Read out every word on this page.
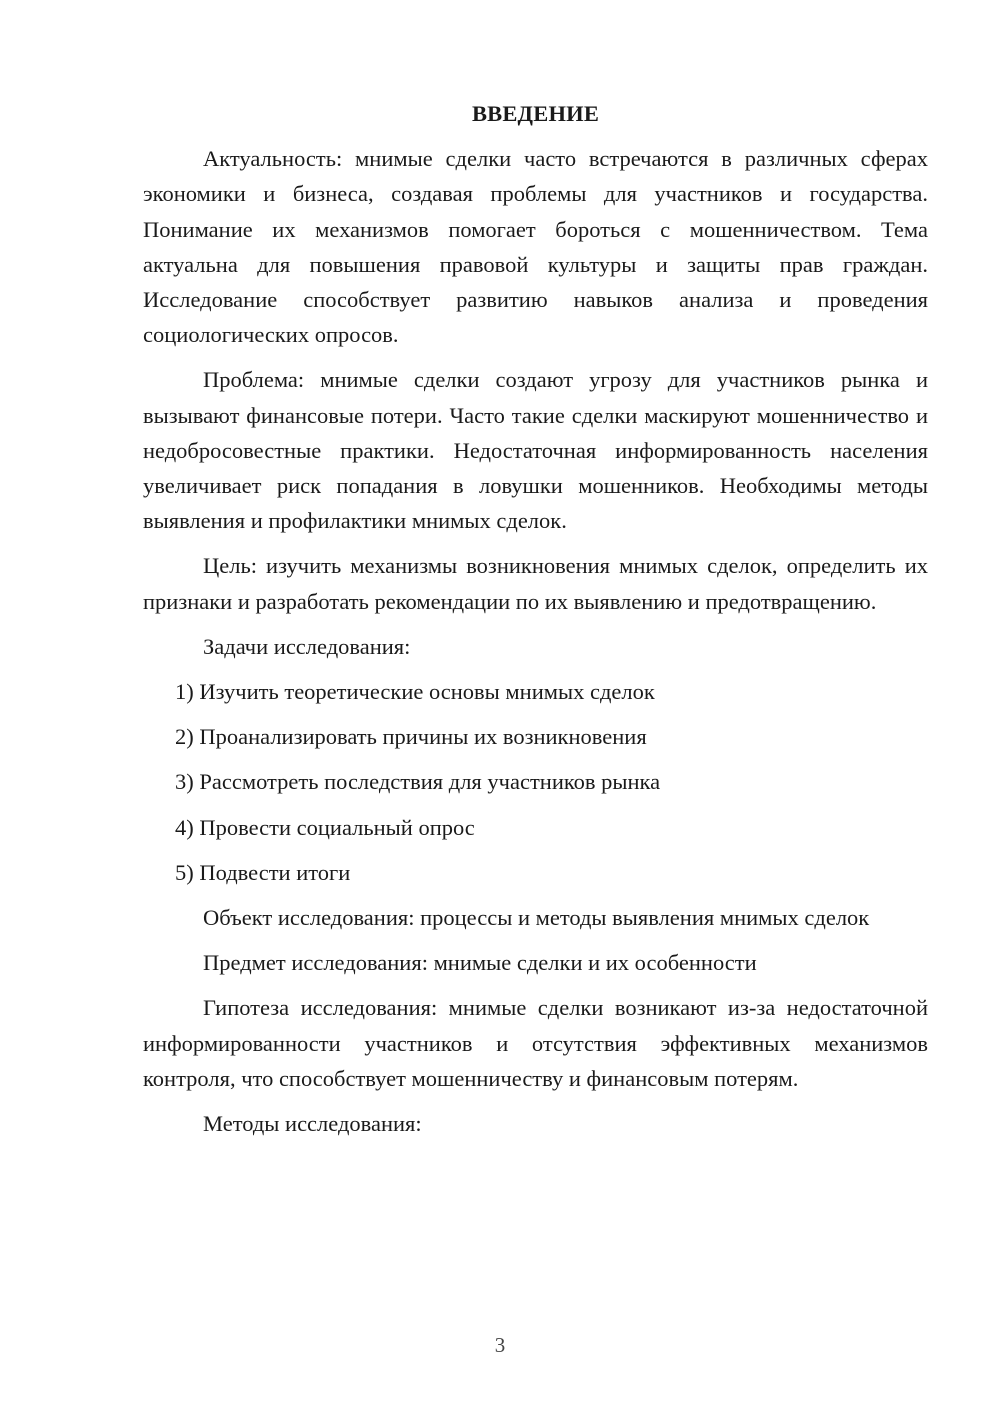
ВВЕДЕНИЕ
Актуальность: мнимые сделки часто встречаются в различных сферах экономики и бизнеса, создавая проблемы для участников и государства. Понимание их механизмов помогает бороться с мошенничеством. Тема актуальна для повышения правовой культуры и защиты прав граждан. Исследование способствует развитию навыков анализа и проведения социологических опросов.
Проблема: мнимые сделки создают угрозу для участников рынка и вызывают финансовые потери. Часто такие сделки маскируют мошенничество и недобросовестные практики. Недостаточная информированность населения увеличивает риск попадания в ловушки мошенников. Необходимы методы выявления и профилактики мнимых сделок.
Цель: изучить механизмы возникновения мнимых сделок, определить их признаки и разработать рекомендации по их выявлению и предотвращению.
Задачи исследования:
1) Изучить теоретические основы мнимых сделок
2) Проанализировать причины их возникновения
3) Рассмотреть последствия для участников рынка
4) Провести социальный опрос
5) Подвести итоги
Объект исследования: процессы и методы выявления мнимых сделок
Предмет исследования: мнимые сделки и их особенности
Гипотеза исследования: мнимые сделки возникают из-за недостаточной информированности участников и отсутствия эффективных механизмов контроля, что способствует мошенничеству и финансовым потерям.
Методы исследования:
3
